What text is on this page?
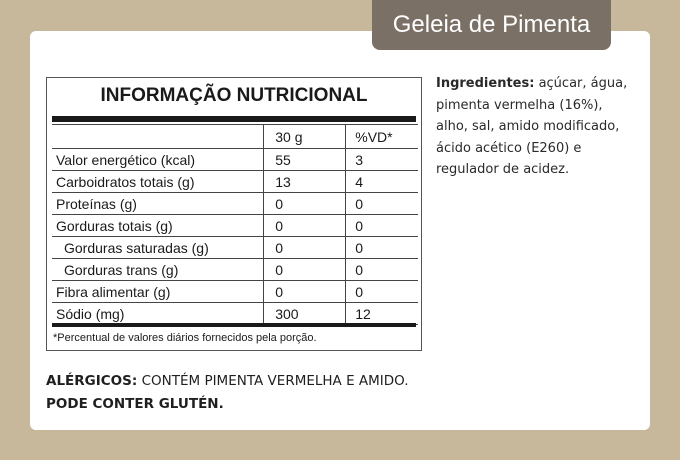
INFORMAÇÃO NUTRICIONAL
	30 g	%VD*
Valor energético (kcal)	55	3
Carboidratos totais (g)	13	4
Proteínas (g)	0	0
Gorduras totais (g)	0	0
Gorduras saturadas (g)	0	0
Gorduras trans (g)	0	0
Fibra alimentar (g)	0	0
Sódio (mg)	300	12
*Percentual de valores diários fornecidos pela porção.
Ingredientes: açúcar, água, pimenta vermelha (16%), alho, sal, amido modificado, ácido acético (E260) e regulador de acidez.
ALÉRGICOS: CONTÉM PIMENTA VERMELHA E AMIDO.
PODE CONTER GLUTÉN.
Geleia de Pimenta
